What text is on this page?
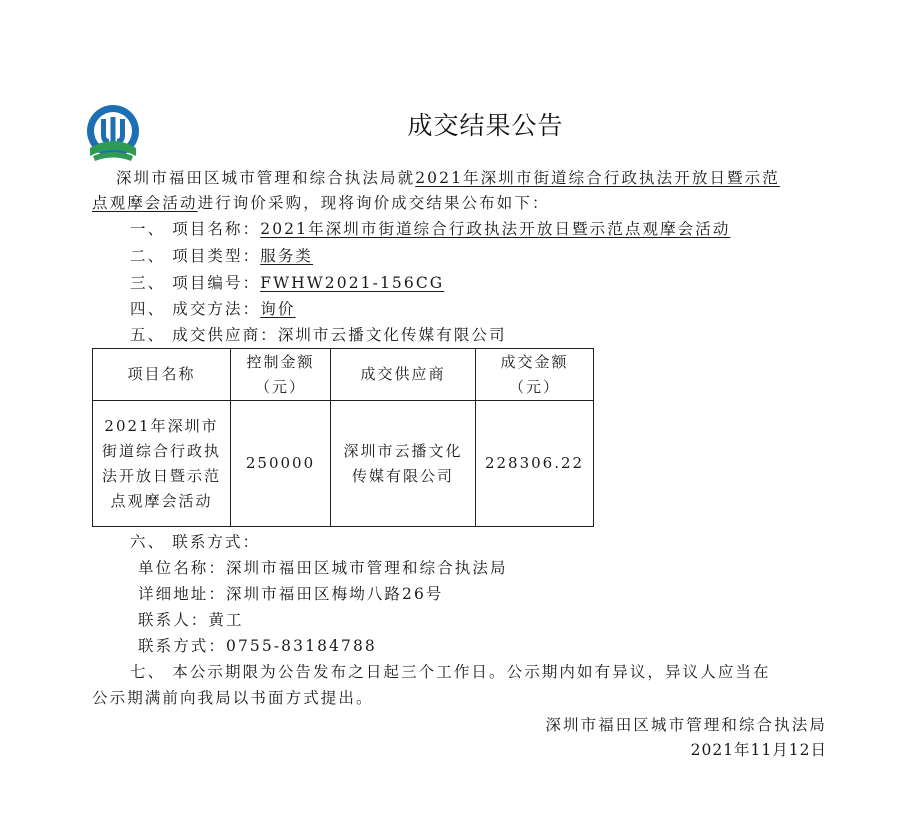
成交结果公告
深圳市福田区城市管理和综合执法局就2021年深圳市街道综合行政执法开放日暨示范
点观摩会活动进行询价采购，现将询价成交结果公布如下：
一、 项目名称：2021年深圳市街道综合行政执法开放日暨示范点观摩会活动
二、 项目类型：服务类
三、 项目编号：FWHW2021-156CG
四、 成交方法：询价
五、 成交供应商：深圳市云播文化传媒有限公司
项目名称	控制金额（元）	成交供应商	成交金额（元）

2021年深圳市街道综合行政执法开放日暨示范点观摩会活动	250000	深圳市云播文化传媒有限公司	228306.22
六、 联系方式：
单位名称：深圳市福田区城市管理和综合执法局
详细地址：深圳市福田区梅坳八路26号
联系人：黄工
联系方式：0755-83184788
七、 本公示期限为公告发布之日起三个工作日。公示期内如有异议，异议人应当在
公示期满前向我局以书面方式提出。
深圳市福田区城市管理和综合执法局
2021年11月12日
